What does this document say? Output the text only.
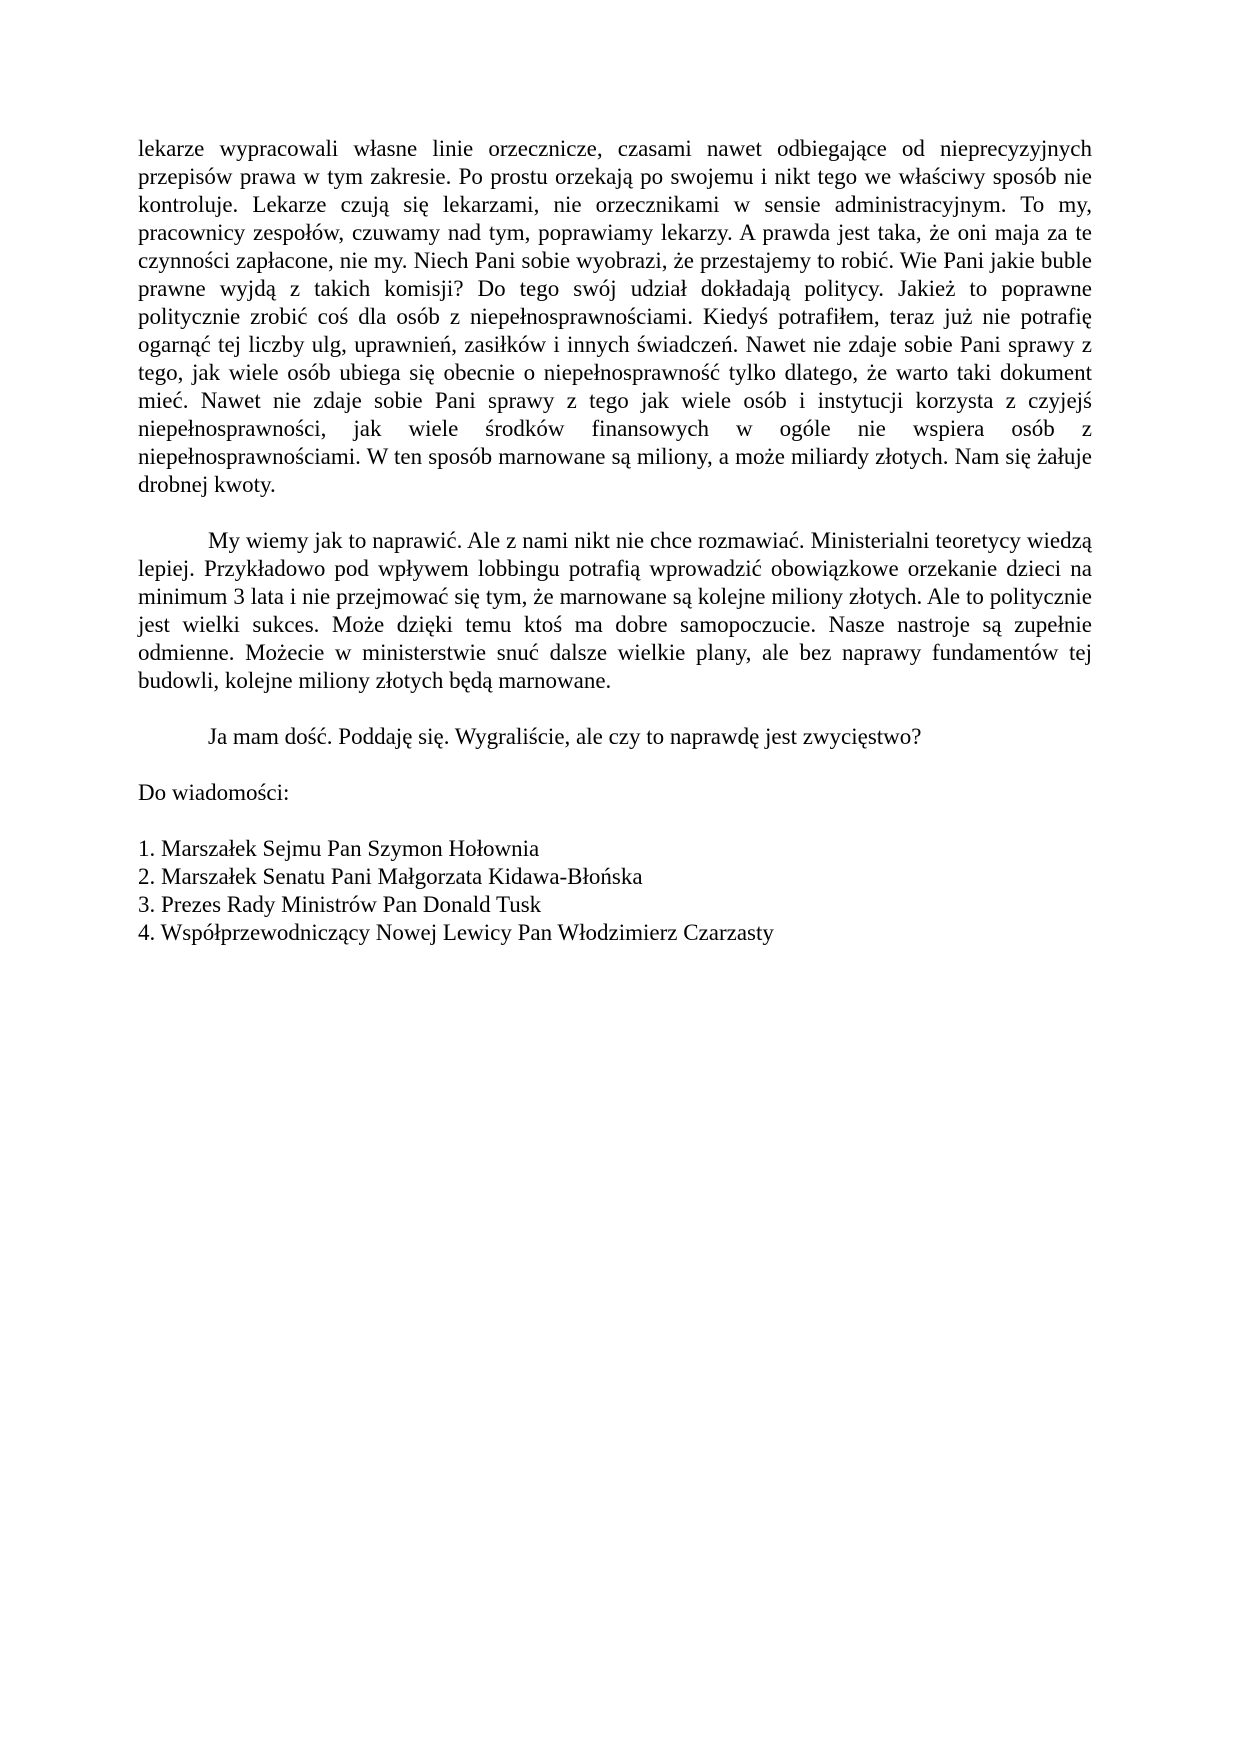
lekarze wypracowali własne linie orzecznicze, czasami nawet odbiegające od nieprecyzyjnych przepisów prawa w tym zakresie. Po prostu orzekają po swojemu i nikt tego we właściwy sposób nie kontroluje. Lekarze czują się lekarzami, nie orzecznikami w sensie administracyjnym. To my, pracownicy zespołów, czuwamy nad tym, poprawiamy lekarzy. A prawda jest taka, że oni maja za te czynności zapłacone, nie my. Niech Pani sobie wyobrazi, że przestajemy to robić. Wie Pani jakie buble prawne wyjdą z takich komisji? Do tego swój udział dokładają politycy. Jakież to poprawne politycznie zrobić coś dla osób z niepełnosprawnościami. Kiedyś potrafiłem, teraz już nie potrafię ogarnąć tej liczby ulg, uprawnień, zasiłków i innych świadczeń. Nawet nie zdaje sobie Pani sprawy z tego, jak wiele osób ubiega się obecnie o niepełnosprawność tylko dlatego, że warto taki dokument mieć. Nawet nie zdaje sobie Pani sprawy z tego jak wiele osób i instytucji korzysta z czyjejś niepełnosprawności, jak wiele środków finansowych w ogóle nie wspiera osób z niepełnosprawnościami. W ten sposób marnowane są miliony, a może miliardy złotych. Nam się żałuje drobnej kwoty.

My wiemy jak to naprawić. Ale z nami nikt nie chce rozmawiać. Ministerialni teoretycy wiedzą lepiej. Przykładowo pod wpływem lobbingu potrafią wprowadzić obowiązkowe orzekanie dzieci na minimum 3 lata i nie przejmować się tym, że marnowane są kolejne miliony złotych. Ale to politycznie jest wielki sukces. Może dzięki temu ktoś ma dobre samopoczucie. Nasze nastroje są zupełnie odmienne. Możecie w ministerstwie snuć dalsze wielkie plany, ale bez naprawy fundamentów tej budowli, kolejne miliony złotych będą marnowane.

Ja mam dość. Poddaję się. Wygraliście, ale czy to naprawdę jest zwycięstwo?

Do wiadomości:

1. Marszałek Sejmu Pan Szymon Hołownia
2. Marszałek Senatu Pani Małgorzata Kidawa-Błońska
3. Prezes Rady Ministrów Pan Donald Tusk
4. Współprzewodniczący Nowej Lewicy Pan Włodzimierz Czarzasty
